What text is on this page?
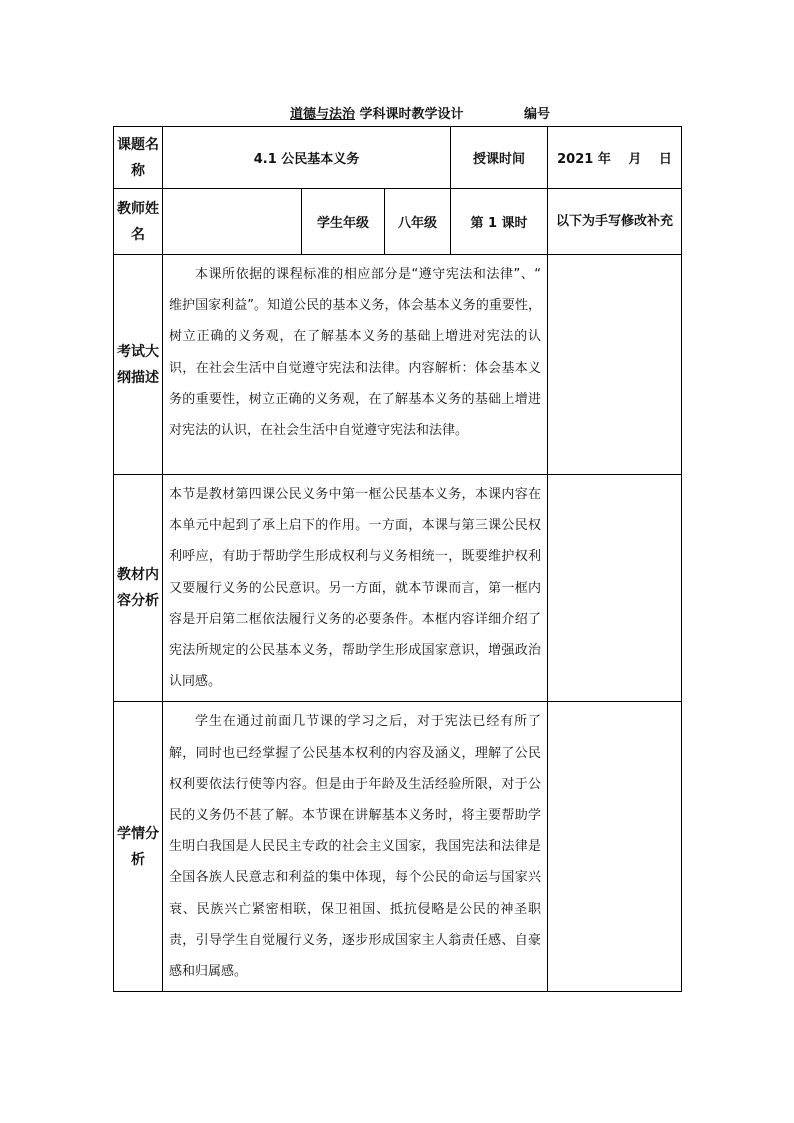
道德与法治 学科课时教学设计	编号
课题名称	4.1 公民基本义务			授课时间	2021 年 　月 　日
教师姓名		学生年级	八年级	第 1 课时	以下为手写修改补充
考试大纲描述	本课所依据的课程标准的相应部分是“遵守宪法和法律”、“ 维护国家利益”。知道公民的基本义务，体会基本义务的重要性，树立正确的义务观，在了解基本义务的基础上增进对宪法的认识，在社会生活中自觉遵守宪法和法律。内容解析：体会基本义务的重要性，树立正确的义务观，在了解基本义务的基础上增进对宪法的认识，在社会生活中自觉遵守宪法和法律。				
教材内容分析	本节是教材第四课公民义务中第一框公民基本义务，本课内容在本单元中起到了承上启下的作用。一方面，本课与第三课公民权利呼应，有助于帮助学生形成权利与义务相统一，既要维护权利又要履行义务的公民意识。另一方面，就本节课而言，第一框内容是开启第二框依法履行义务的必要条件。本框内容详细介绍了宪法所规定的公民基本义务，帮助学生形成国家意识，增强政治认同感。				
学情分析	学生在通过前面几节课的学习之后，对于宪法已经有所了解，同时也已经掌握了公民基本权利的内容及涵义，理解了公民权利要依法行使等内容。但是由于年龄及生活经验所限，对于公民的义务仍不甚了解。本节课在讲解基本义务时，将主要帮助学生明白我国是人民民主专政的社会主义国家，我国宪法和法律是全国各族人民意志和利益的集中体现，每个公民的命运与国家兴衰、民族兴亡紧密相联，保卫祖国、抵抗侵略是公民的神圣职责，引导学生自觉履行义务，逐步形成国家主人翁责任感、自豪感和归属感。				
